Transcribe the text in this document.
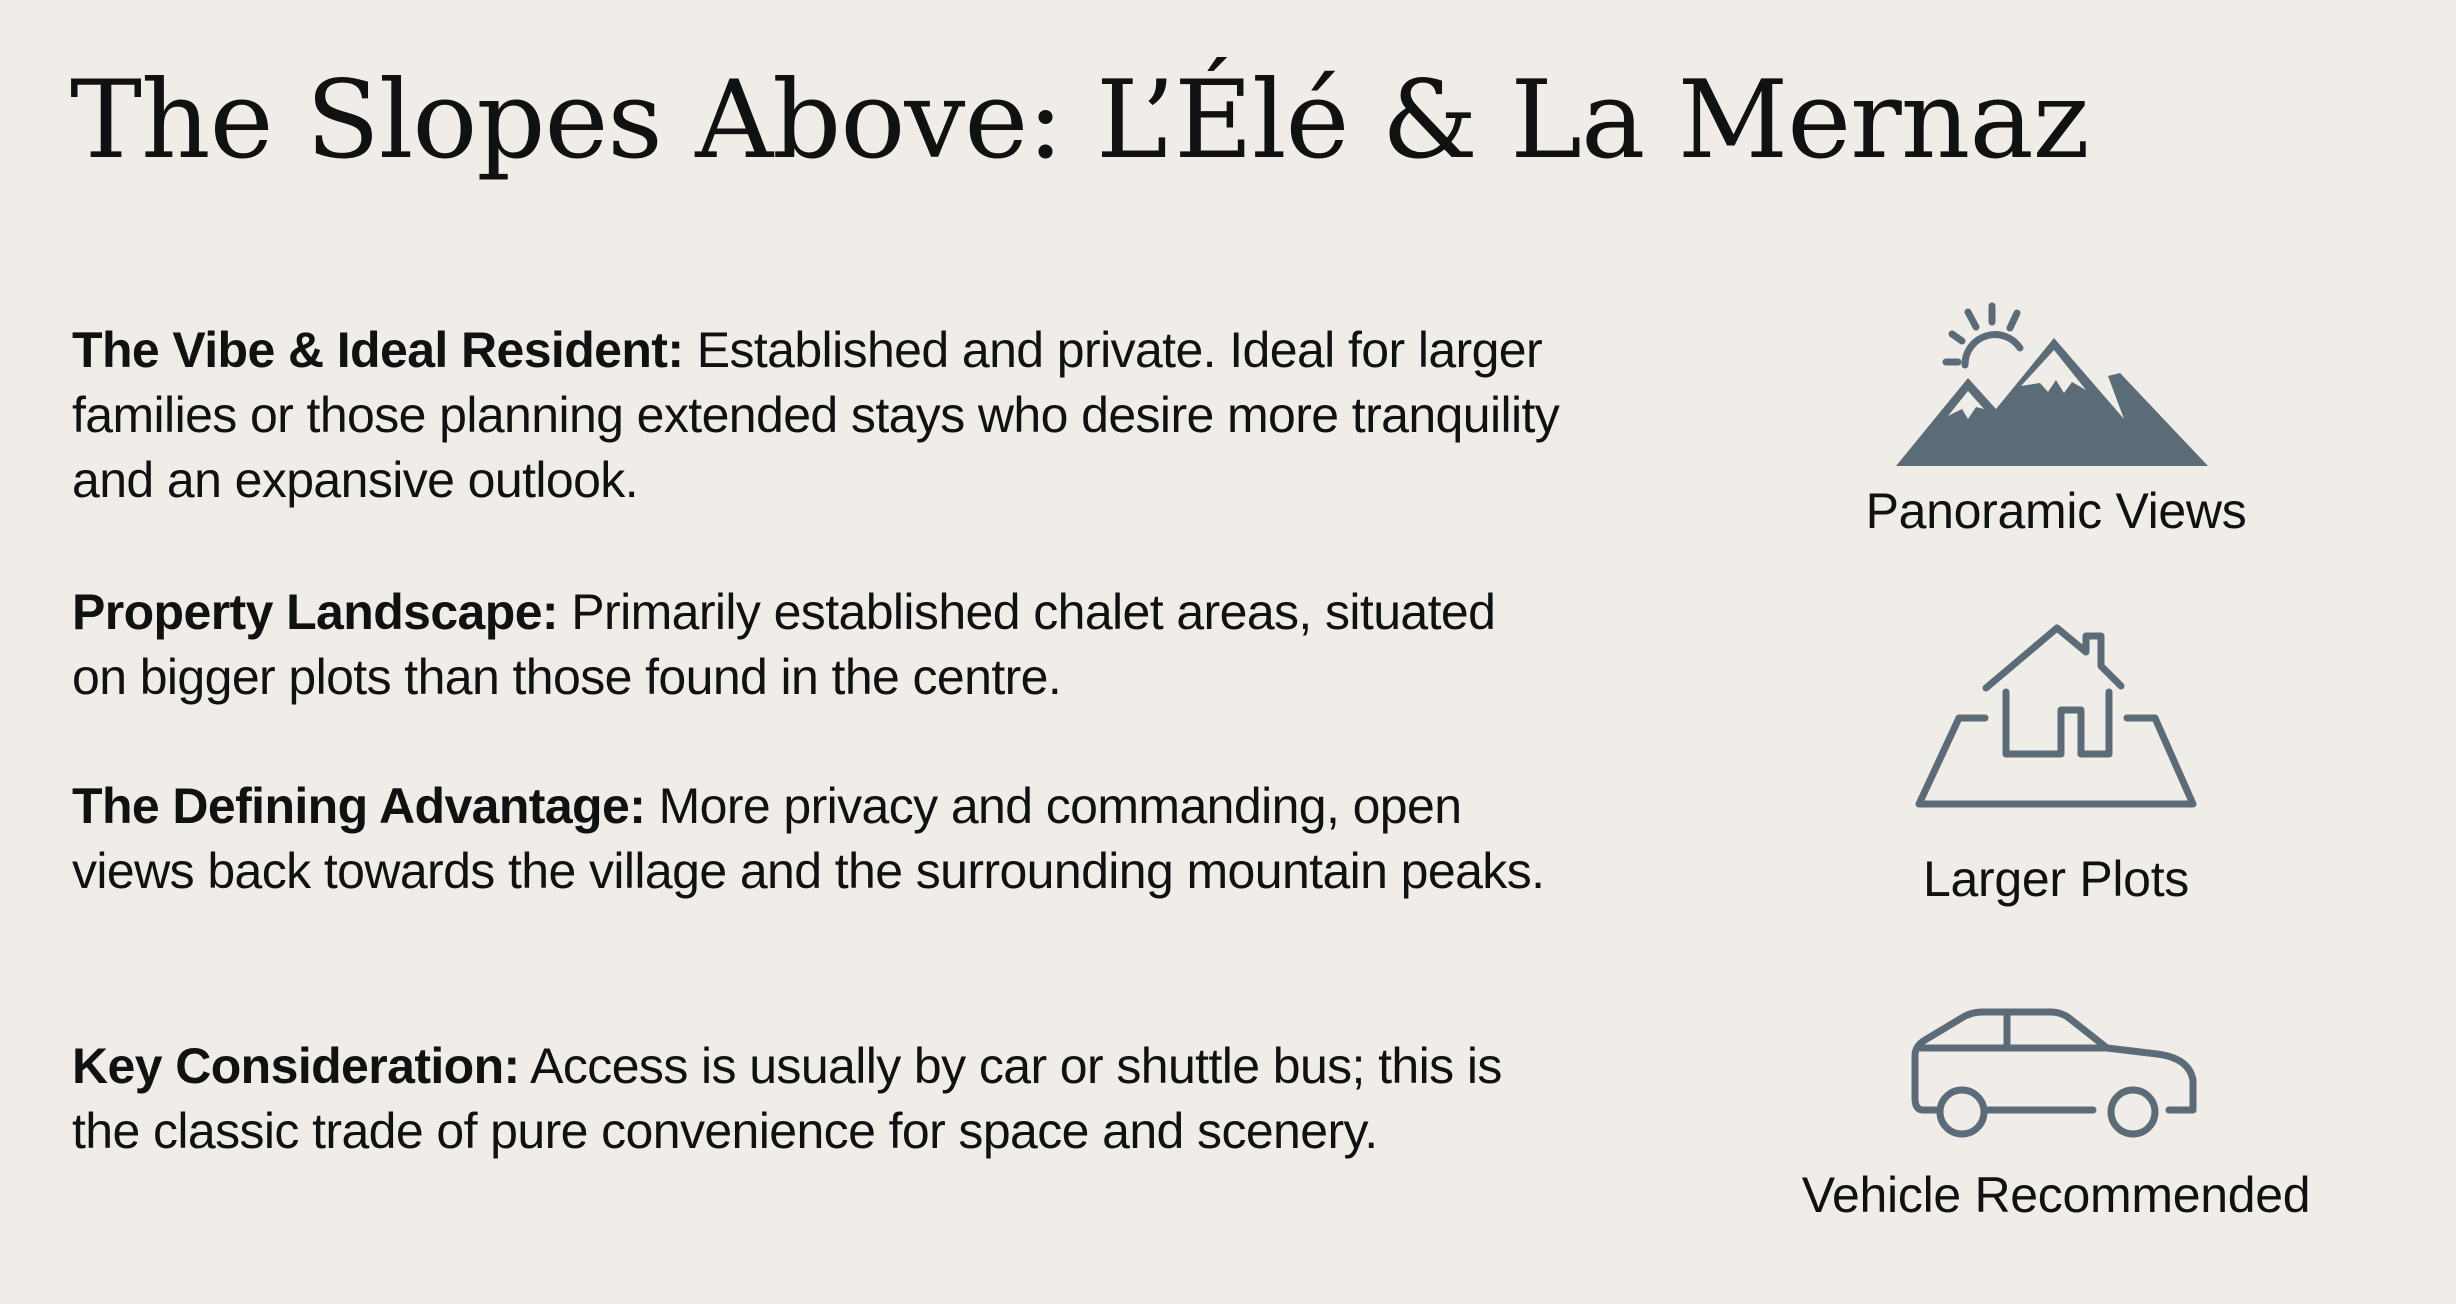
The Slopes Above: L’Élé & La Mernaz

The Vibe & Ideal Resident: Established and private. Ideal for larger families or those planning extended stays who desire more tranquility and an expansive outlook.

Property Landscape: Primarily established chalet areas, situated on bigger plots than those found in the centre.

The Defining Advantage: More privacy and commanding, open views back towards the village and the surrounding mountain peaks.

Key Consideration: Access is usually by car or shuttle bus; this is the classic trade of pure convenience for space and scenery.

Panoramic Views
Larger Plots
Vehicle Recommended
